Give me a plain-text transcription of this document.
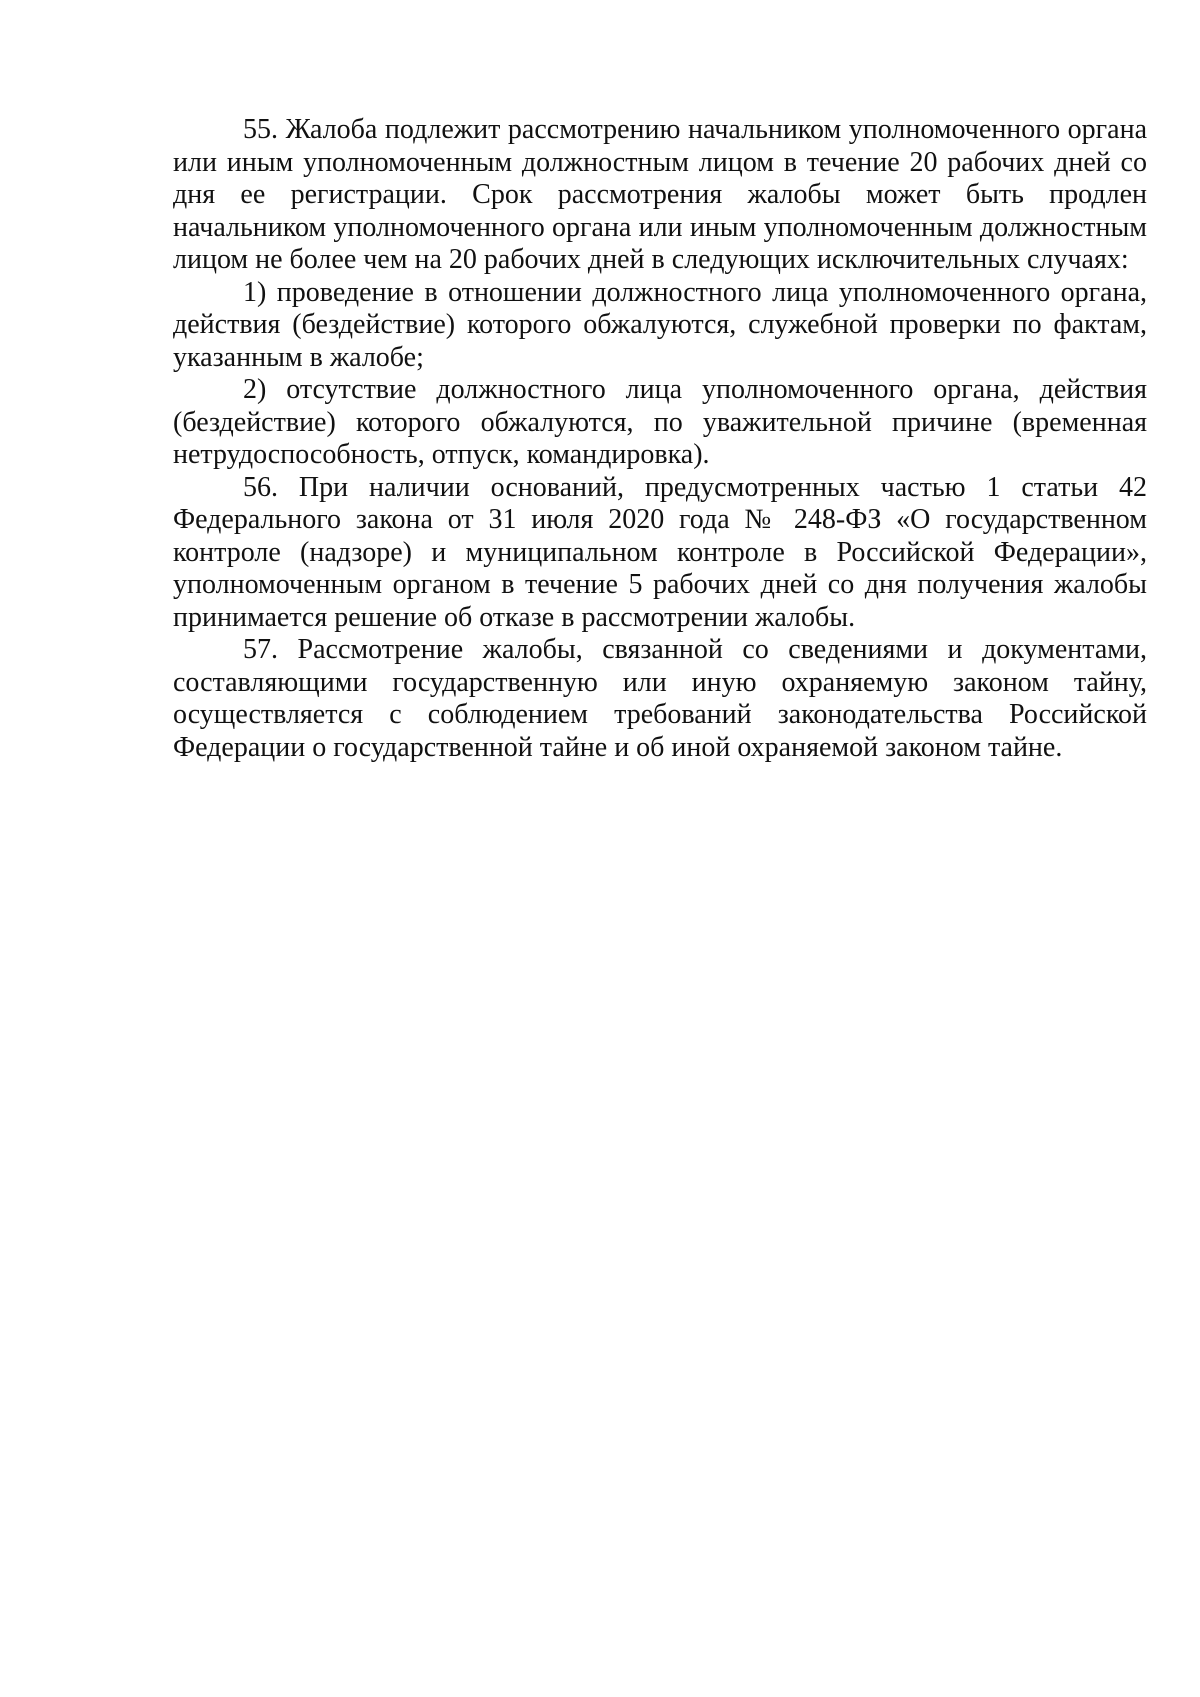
55. Жалоба подлежит рассмотрению начальником уполномоченного органа или иным уполномоченным должностным лицом в течение 20 рабочих дней со дня ее регистрации. Срок рассмотрения жалобы может быть продлен начальником уполномоченного органа или иным уполномоченным должностным лицом не более чем на 20 рабочих дней в следующих исключительных случаях:

1) проведение в отношении должностного лица уполномоченного органа, действия (бездействие) которого обжалуются, служебной проверки по фактам, указанным в жалобе;

2) отсутствие должностного лица уполномоченного органа, действия (бездействие) которого обжалуются, по уважительной причине (временная нетрудоспособность, отпуск, командировка).

56. При наличии оснований, предусмотренных частью 1 статьи 42 Федерального закона от 31 июля 2020 года № 248-ФЗ «О государственном контроле (надзоре) и муниципальном контроле в Российской Федерации», уполномоченным органом в течение 5 рабочих дней со дня получения жалобы принимается решение об отказе в рассмотрении жалобы.

57. Рассмотрение жалобы, связанной со сведениями и документами, составляющими государственную или иную охраняемую законом тайну, осуществляется с соблюдением требований законодательства Российской Федерации о государственной тайне и об иной охраняемой законом тайне.
